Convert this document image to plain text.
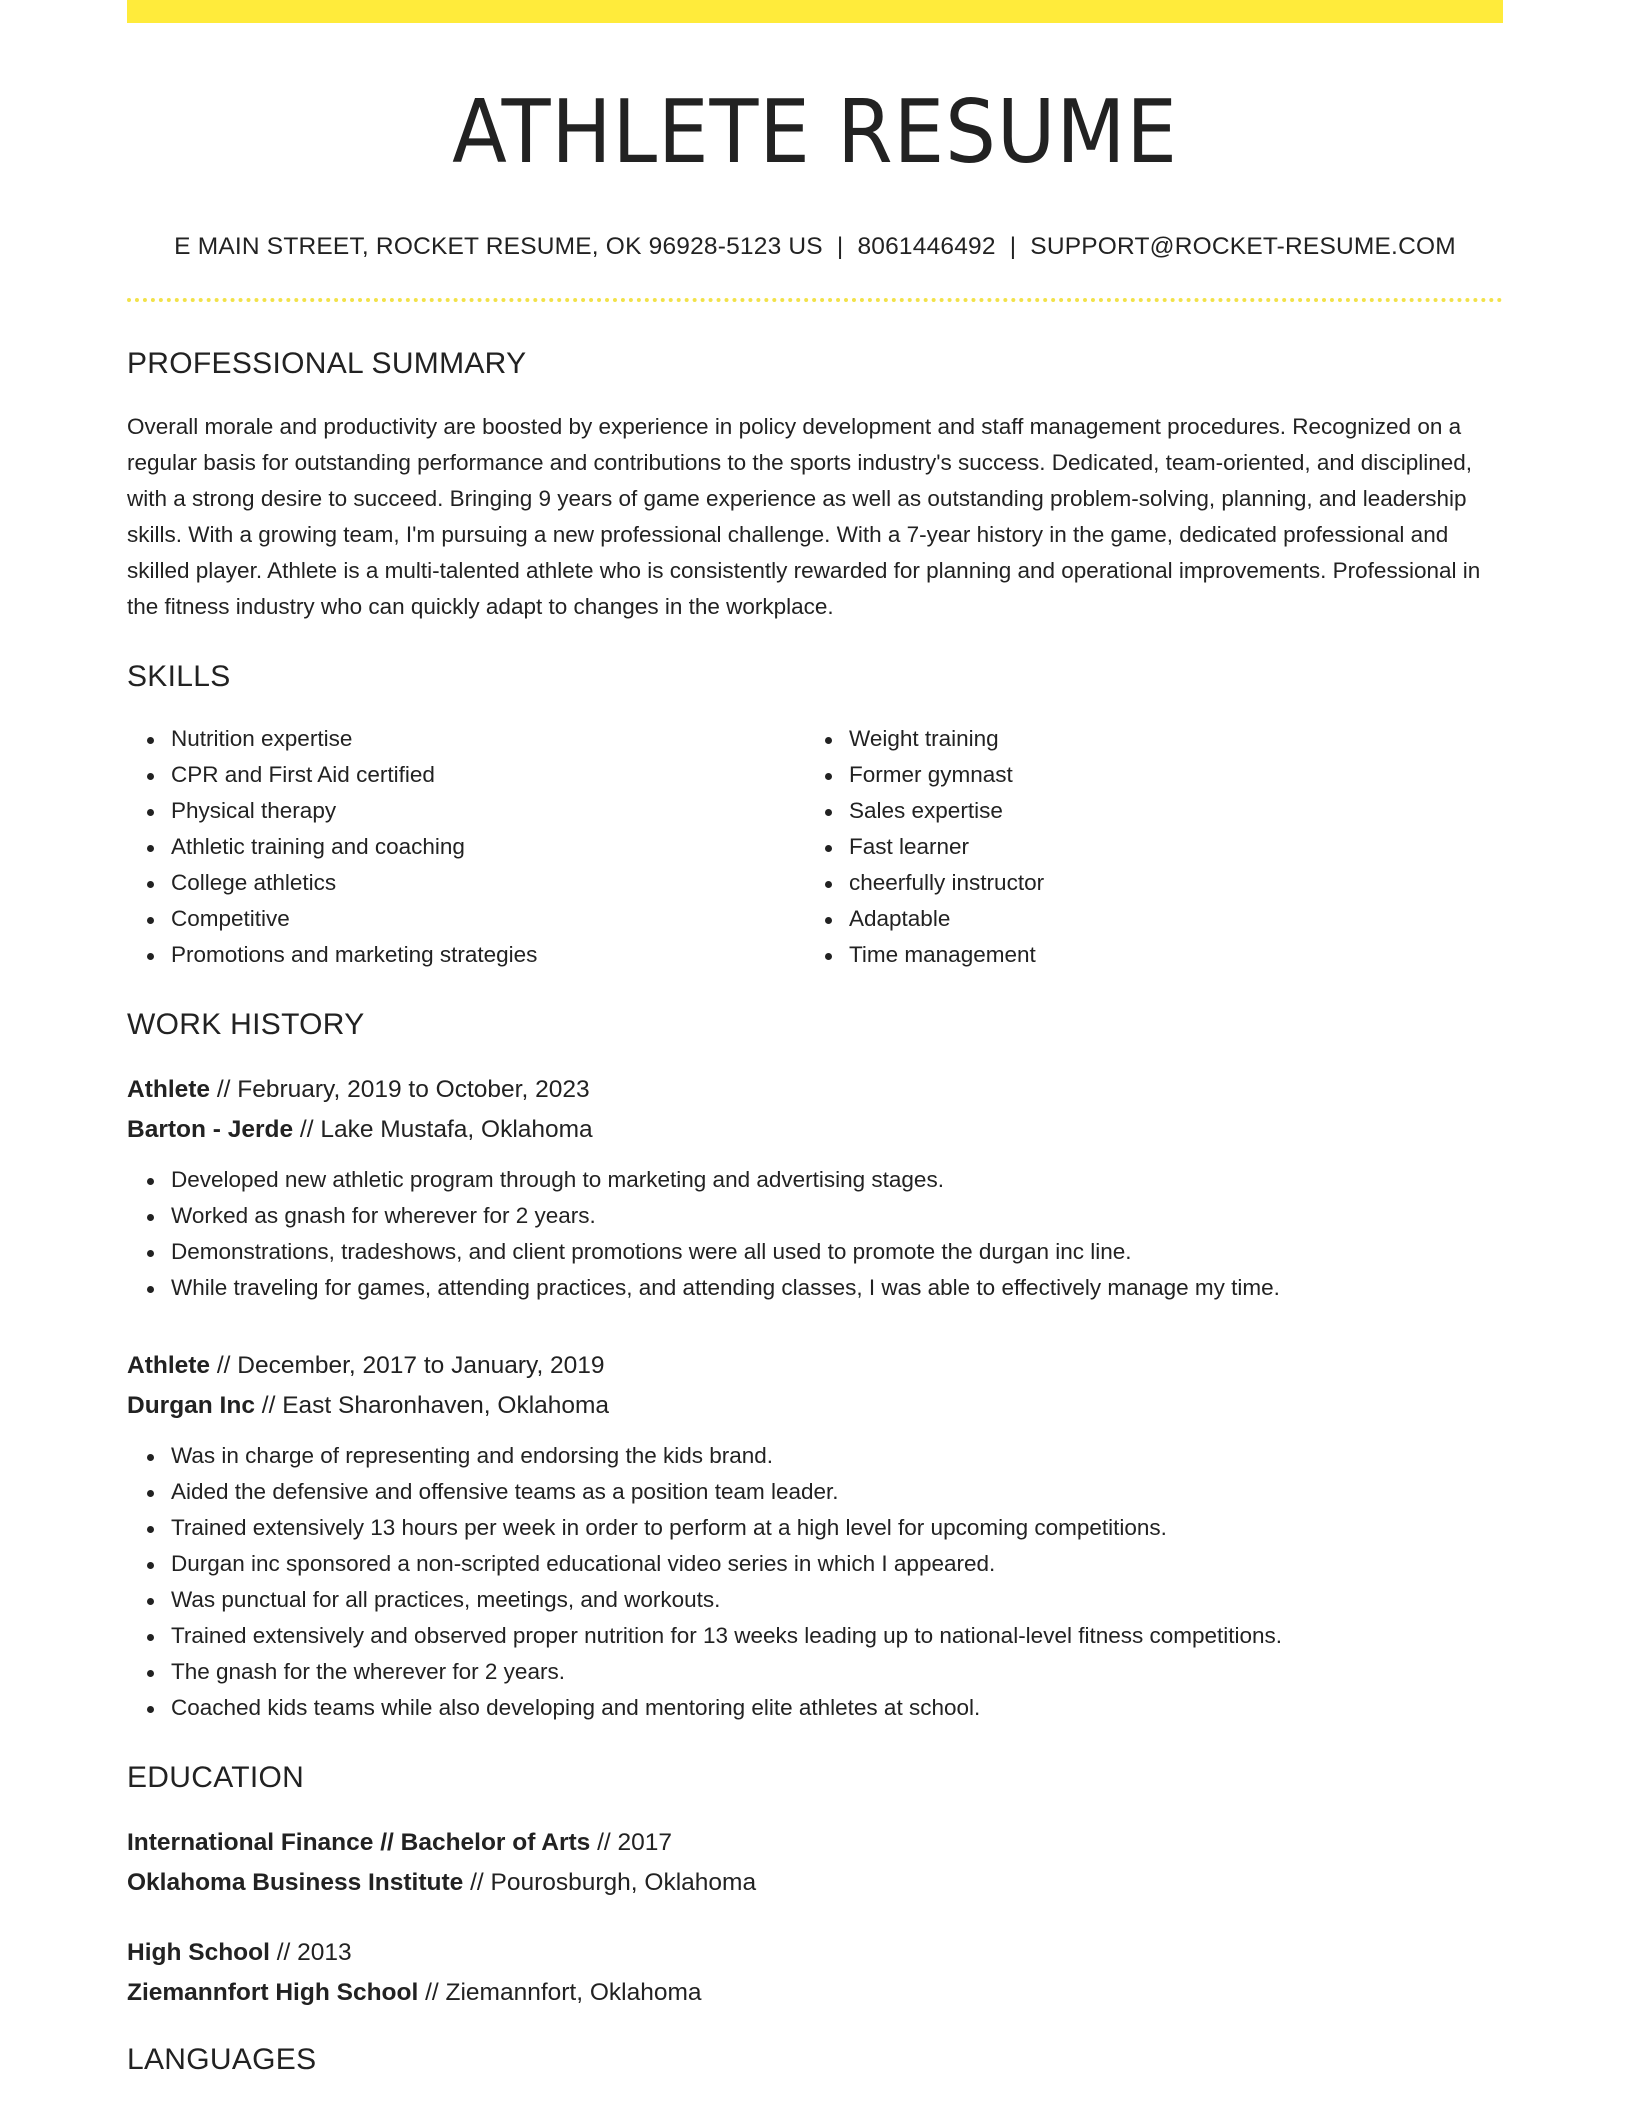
ATHLETE RESUME
E MAIN STREET, ROCKET RESUME, OK 96928-5123 US | 8061446492 | SUPPORT@ROCKET-RESUME.COM
PROFESSIONAL SUMMARY

Overall morale and productivity are boosted by experience in policy development and staff management procedures. Recognized on a regular basis for outstanding performance and contributions to the sports industry's success. Dedicated, team-oriented, and disciplined, with a strong desire to succeed. Bringing 9 years of game experience as well as outstanding problem-solving, planning, and leadership skills. With a growing team, I'm pursuing a new professional challenge. With a 7-year history in the game, dedicated professional and skilled player. Athlete is a multi-talented athlete who is consistently rewarded for planning and operational improvements. Professional in the fitness industry who can quickly adapt to changes in the workplace.

SKILLS
Nutrition expertise
CPR and First Aid certified
Physical therapy
Athletic training and coaching
College athletics
Competitive
Promotions and marketing strategies
Weight training
Former gymnast
Sales expertise
Fast learner
cheerfully instructor
Adaptable
Time management
WORK HISTORY
Athlete // February, 2019 to October, 2023
Barton - Jerde // Lake Mustafa, Oklahoma
Developed new athletic program through to marketing and advertising stages.
Worked as gnash for wherever for 2 years.
Demonstrations, tradeshows, and client promotions were all used to promote the durgan inc line.
While traveling for games, attending practices, and attending classes, I was able to effectively manage my time.
Athlete // December, 2017 to January, 2019
Durgan Inc // East Sharonhaven, Oklahoma
Was in charge of representing and endorsing the kids brand.
Aided the defensive and offensive teams as a position team leader.
Trained extensively 13 hours per week in order to perform at a high level for upcoming competitions.
Durgan inc sponsored a non-scripted educational video series in which I appeared.
Was punctual for all practices, meetings, and workouts.
Trained extensively and observed proper nutrition for 13 weeks leading up to national-level fitness competitions.
The gnash for the wherever for 2 years.
Coached kids teams while also developing and mentoring elite athletes at school.
EDUCATION
International Finance // Bachelor of Arts // 2017
Oklahoma Business Institute // Pourosburgh, Oklahoma
High School // 2013
Ziemannfort High School // Ziemannfort, Oklahoma
LANGUAGES
